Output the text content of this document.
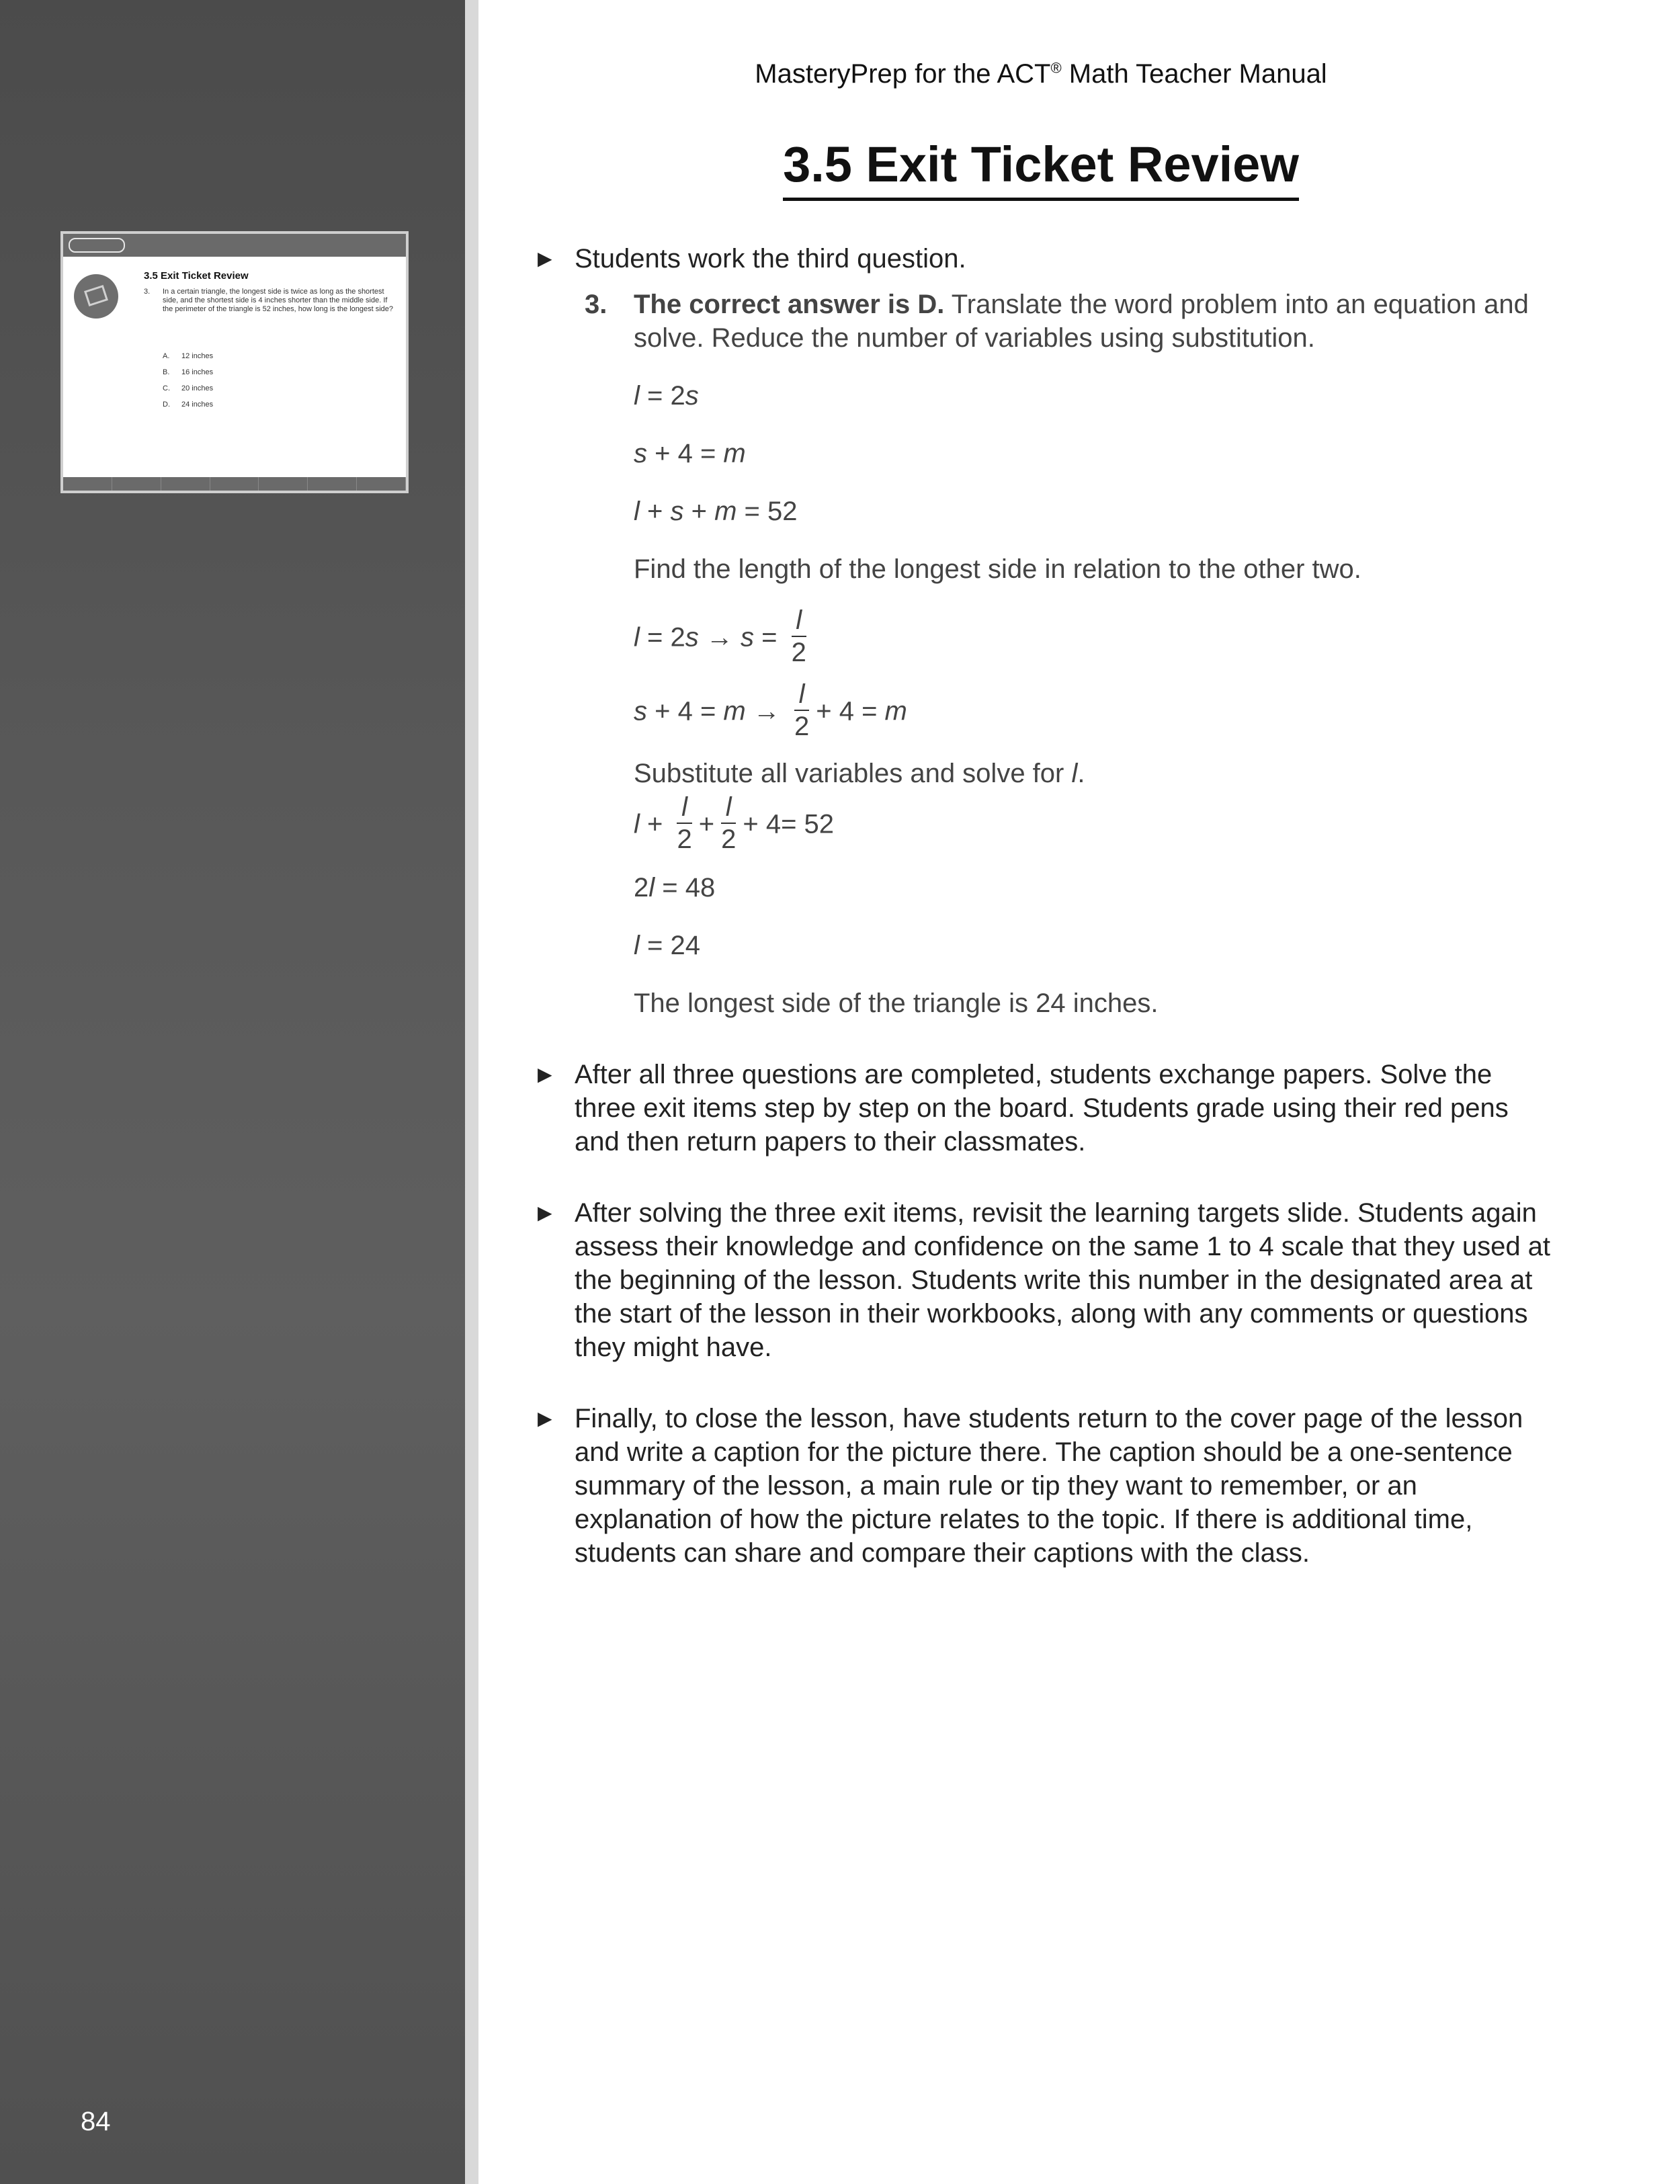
84
3.5 Exit Ticket Review
3. In a certain triangle, the longest side is twice as long as the shortest side, and the shortest side is 4 inches shorter than the middle side. If the perimeter of the triangle is 52 inches, how long is the longest side?
A. 12 inches
B. 16 inches
C. 20 inches
D. 24 inches
MasteryPrep for the ACT® Math Teacher Manual
3.5 Exit Ticket Review
▶ Students work the third question.
3. The correct answer is D. Translate the word problem into an equation and solve. Reduce the number of variables using substitution.
l = 2s
s + 4 = m
l + s + m = 52
Find the length of the longest side in relation to the other two.
$l = 2s \to s = \frac{l}{2}$
$s + 4 = m \to \frac{l}{2} + 4 = m$
Substitute all variables and solve for l.
$l + \frac{l}{2} + \frac{l}{2} + 4= 52$
2l = 48
l = 24
The longest side of the triangle is 24 inches.
▶ After all three questions are completed, students exchange papers. Solve the three exit items step by step on the board. Students grade using their red pens and then return papers to their classmates.
▶ After solving the three exit items, revisit the learning targets slide. Students again assess their knowledge and confidence on the same 1 to 4 scale that they used at the beginning of the lesson. Students write this number in the designated area at the start of the lesson in their workbooks, along with any comments or questions they might have.
▶ Finally, to close the lesson, have students return to the cover page of the lesson and write a caption for the picture there. The caption should be a one-sentence summary of the lesson, a main rule or tip they want to remember, or an explanation of how the picture relates to the topic. If there is additional time, students can share and compare their captions with the class.
